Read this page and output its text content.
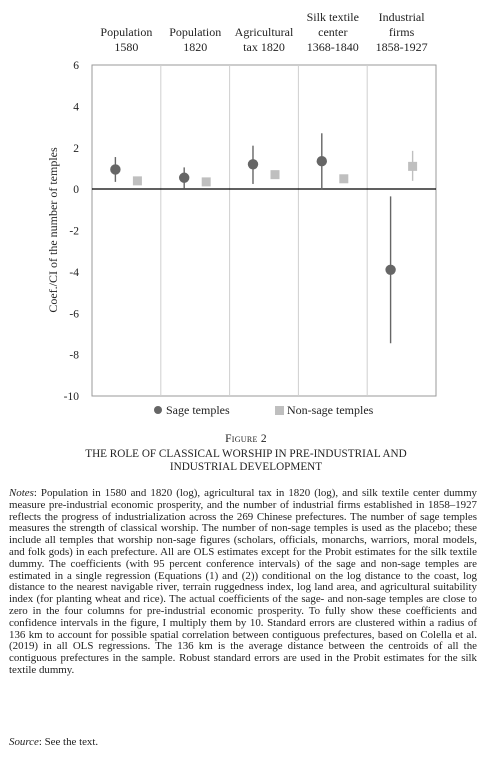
Population
1580
Population
1820
Agricultural
tax 1820
Silk textile
center
1368-1840
Industrial
firms
1858-1927
Coef./CI of the number of temples
6
4
2
0
-2
-4
-6
-8
-10
Sage temples	Non-sage temples
Figure 2
THE ROLE OF CLASSICAL WORSHIP IN PRE-INDUSTRIAL AND INDUSTRIAL DEVELOPMENT
Notes: Population in 1580 and 1820 (log), agricultural tax in 1820 (log), and silk textile center dummy measure pre-industrial economic prosperity, and the number of industrial firms established in 1858–1927 reflects the progress of industrialization across the 269 Chinese prefectures. The number of sage temples measures the strength of classical worship. The number of non-sage temples is used as the placebo; these include all temples that worship non-sage figures (scholars, officials, monarchs, warriors, moral models, and folk gods) in each prefecture. All are OLS estimates except for the Probit estimates for the silk textile dummy. The coefficients (with 95 percent conference intervals) of the sage and non-sage temples are estimated in a single regression (Equations (1) and (2)) conditional on the log distance to the coast, log distance to the nearest navigable river, terrain ruggedness index, log land area, and agricultural suitability index (for planting wheat and rice). The actual coefficients of the sage- and non-sage temples are close to zero in the four columns for pre-industrial economic prosperity. To fully show these coefficients and confidence intervals in the figure, I multiply them by 10. Standard errors are clustered within a radius of 136 km to account for possible spatial correlation between contiguous prefectures, based on Colella et al. (2019) in all OLS regressions. The 136 km is the average distance between the centroids of all the contiguous prefectures in the sample. Robust standard errors are used in the Probit estimates for the silk textile dummy.
Source: See the text.
